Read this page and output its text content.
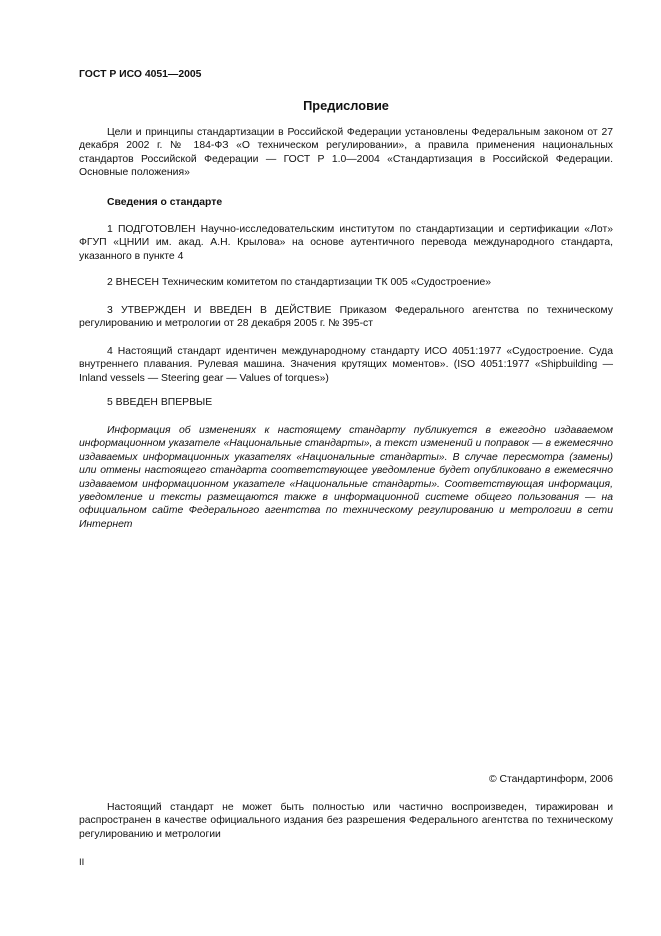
ГОСТ Р ИСО 4051—2005
Предисловие

Цели и принципы стандартизации в Российской Федерации установлены Федеральным законом от 27 декабря 2002 г. № 184-ФЗ «О техническом регулировании», а правила применения национальных стандартов Российской Федерации — ГОСТ Р 1.0—2004 «Стандартизация в Российской Федерации. Основные положения»

Сведения о стандарте

1 ПОДГОТОВЛЕН Научно-исследовательским институтом по стандартизации и сертификации «Лот» ФГУП «ЦНИИ им. акад. А.Н. Крылова» на основе аутентичного перевода международного стандарта, указанного в пункте 4

2 ВНЕСЕН Техническим комитетом по стандартизации ТК 005 «Судостроение»

3 УТВЕРЖДЕН И ВВЕДЕН В ДЕЙСТВИЕ Приказом Федерального агентства по техническому регулированию и метрологии от 28 декабря 2005 г. № 395-ст

4 Настоящий стандарт идентичен международному стандарту ИСО 4051:1977 «Судостроение. Суда внутреннего плавания. Рулевая машина. Значения крутящих моментов». (ISO 4051:1977 «Shipbuilding — Inland vessels — Steering gear — Values of torques»)

5 ВВЕДЕН ВПЕРВЫЕ

Информация об изменениях к настоящему стандарту публикуется в ежегодно издаваемом информационном указателе «Национальные стандарты», а текст изменений и поправок — в ежемесячно издаваемых информационных указателях «Национальные стандарты». В случае пересмотра (замены) или отмены настоящего стандарта соответствующее уведомление будет опубликовано в ежемесячно издаваемом информационном указателе «Национальные стандарты». Соответствующая информация, уведомление и тексты размещаются также в информационной системе общего пользования — на официальном сайте Федерального агентства по техническому регулированию и метрологии в сети Интернет

© Стандартинформ, 2006

Настоящий стандарт не может быть полностью или частично воспроизведен, тиражирован и распространен в качестве официального издания без разрешения Федерального агентства по техническому регулированию и метрологии

II
